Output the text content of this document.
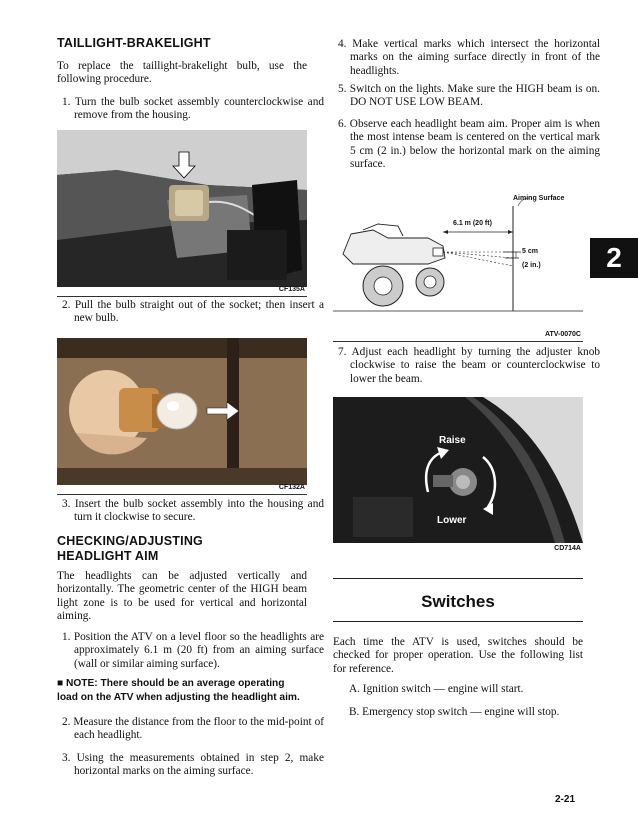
TAILLIGHT-BRAKELIGHT
To replace the taillight-brakelight bulb, use the following procedure.
1. Turn the bulb socket assembly counterclockwise and remove from the housing.
CF135A
2. Pull the bulb straight out of the socket; then insert a new bulb.
CF132A
3. Insert the bulb socket assembly into the housing and turn it clockwise to secure.
CHECKING/ADJUSTING
HEADLIGHT AIM
The headlights can be adjusted vertically and horizontally. The geometric center of the HIGH beam light zone is to be used for vertical and horizontal aiming.
1. Position the ATV on a level floor so the headlights are approximately 6.1 m (20 ft) from an aiming surface (wall or similar aiming surface).
■ NOTE: There should be an average operating load on the ATV when adjusting the headlight aim.
2. Measure the distance from the floor to the mid-point of each headlight.
3. Using the measurements obtained in step 2, make horizontal marks on the aiming surface.
4. Make vertical marks which intersect the horizontal marks on the aiming surface directly in front of the headlights.
5. Switch on the lights. Make sure the HIGH beam is on. DO NOT USE LOW BEAM.
6. Observe each headlight beam aim. Proper aim is when the most intense beam is centered on the vertical mark 5 cm (2 in.) below the horizontal mark on the aiming surface.
Aiming Surface
6.1 m (20 ft)
5 cm
(2 in.)
ATV-0070C
7. Adjust each headlight by turning the adjuster knob clockwise to raise the beam or counterclockwise to lower the beam.
Raise
Lower
CD714A
Switches
Each time the ATV is used, switches should be checked for proper operation. Use the following list for reference.
A. Ignition switch — engine will start.
B. Emergency stop switch — engine will stop.
2
2-21
